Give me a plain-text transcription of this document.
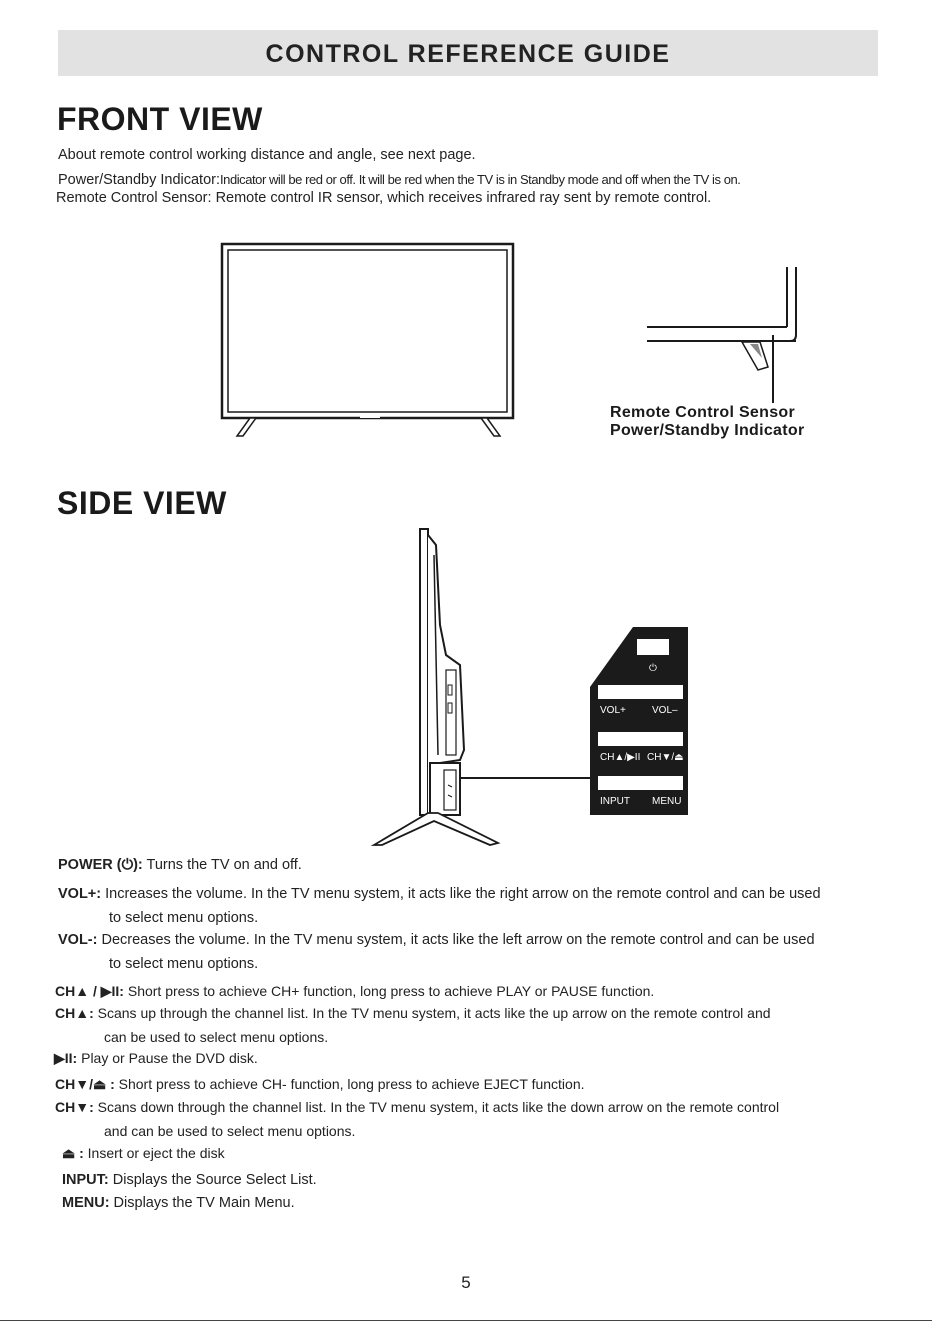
CONTROL REFERENCE GUIDE
FRONT VIEW
About remote control working distance and angle, see next page.
Power/Standby Indicator:Indicator will be red or off. It will be red when the TV is in Standby mode and off when the TV is on.
Remote Control Sensor: Remote control IR sensor, which receives infrared ray sent by remote control.
Remote Control Sensor
Power/Standby Indicator
SIDE VIEW
⏻
VOL+	VOL–
CH▲/▶II CH▼/⏏
INPUT MENU
POWER (⏻): Turns the TV on and off.
VOL+: Increases the volume. In the TV menu system, it acts like the right arrow on the remote control and can be used
to select menu options.
VOL-: Decreases the volume. In the TV menu system, it acts like the left arrow on the remote control and can be used
to select menu options.
CH▲ / ▶II: Short press to achieve CH+ function, long press to achieve PLAY or PAUSE function.
CH▲: Scans up through the channel list. In the TV menu system, it acts like the up arrow on the remote control and
can be used to select menu options.
▶II: Play or Pause the DVD disk.
CH▼/⏏ : Short press to achieve CH- function, long press to achieve EJECT function.
CH▼: Scans down through the channel list. In the TV menu system, it acts like the down arrow on the remote control
and can be used to select menu options.
⏏ : Insert or eject the disk
INPUT: Displays the Source Select List.
MENU: Displays the TV Main Menu.
5
